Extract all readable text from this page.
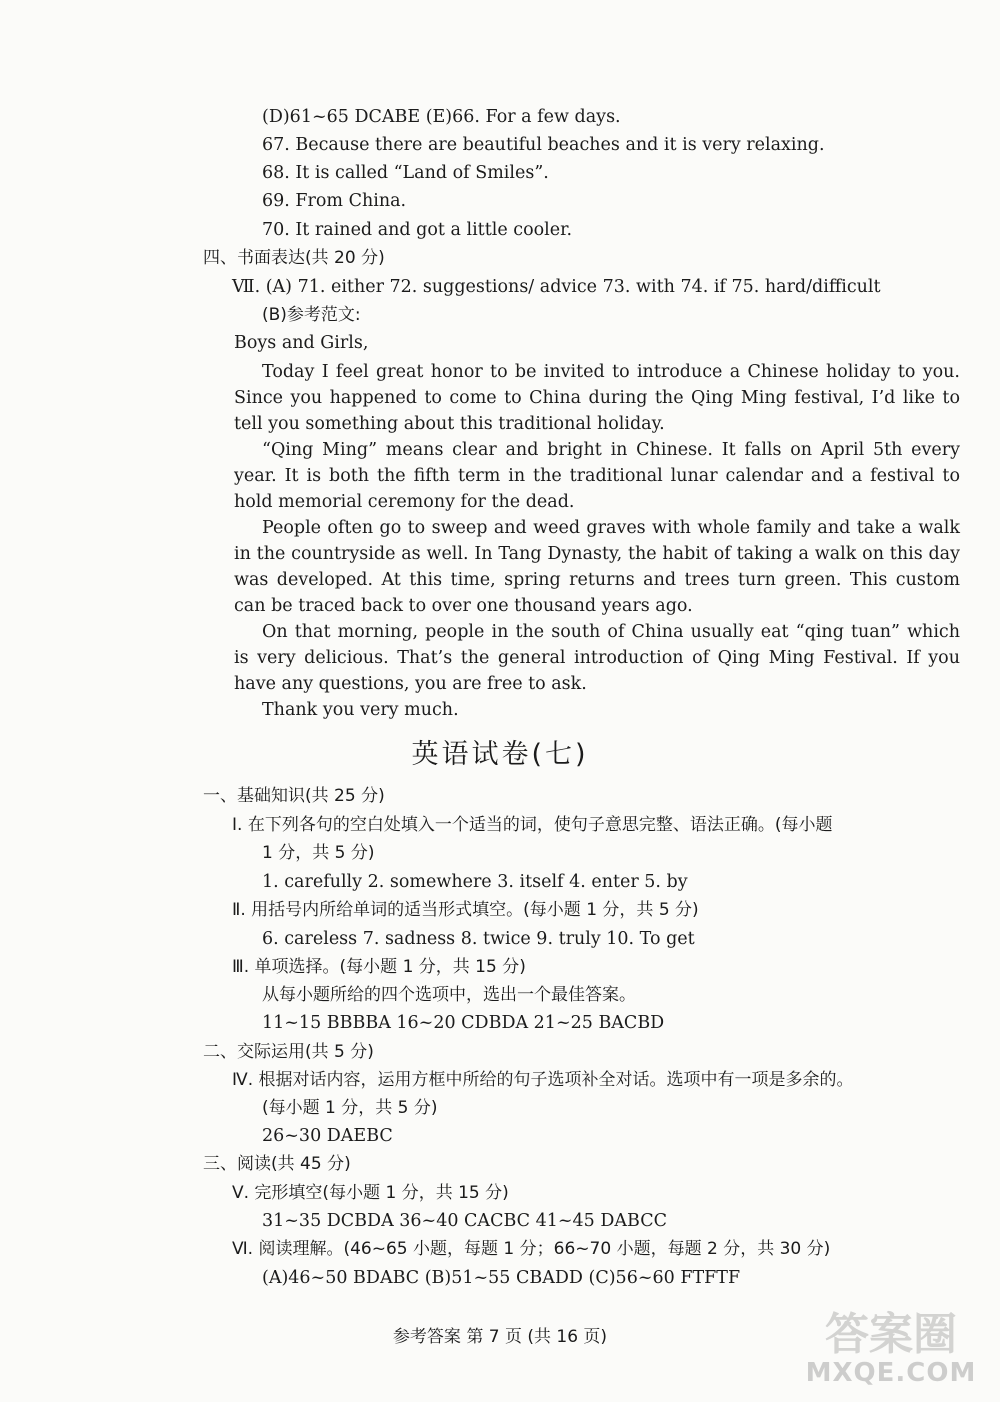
(D)61~65 DCABE (E)66. For a few days.
67. Because there are beautiful beaches and it is very relaxing.
68. It is called “Land of Smiles”.
69. From China.
70. It rained and got a little cooler.
四、书面表达(共 20 分)
Ⅶ. (A) 71. either 72. suggestions/ advice 73. with 74. if 75. hard/difficult
(B)参考范文:
Boys and Girls,
Today I feel great honor to be invited to introduce a Chinese holiday to you. Since you happened to come to China during the Qing Ming festival, I’d like to tell you something about this traditional holiday.
“Qing Ming” means clear and bright in Chinese. It falls on April 5th every year. It is both the fifth term in the traditional lunar calendar and a festival to hold memorial ceremony for the dead.
People often go to sweep and weed graves with whole family and take a walk in the countryside as well. In Tang Dynasty, the habit of taking a walk on this day was developed. At this time, spring returns and trees turn green. This custom can be traced back to over one thousand years ago.
On that morning, people in the south of China usually eat “qing tuan” which is very delicious. That’s the general introduction of Qing Ming Festival. If you have any questions, you are free to ask.
Thank you very much.
英语试卷(七)
一、基础知识(共 25 分)
Ⅰ. 在下列各句的空白处填入一个适当的词，使句子意思完整、语法正确。(每小题
1 分，共 5 分)
1. carefully 2. somewhere 3. itself 4. enter 5. by
Ⅱ. 用括号内所给单词的适当形式填空。(每小题 1 分，共 5 分)
6. careless 7. sadness 8. twice 9. truly 10. To get
Ⅲ. 单项选择。(每小题 1 分，共 15 分)
从每小题所给的四个选项中，选出一个最佳答案。
11~15 BBBBA 16~20 CDBDA 21~25 BACBD
二、交际运用(共 5 分)
Ⅳ. 根据对话内容，运用方框中所给的句子选项补全对话。选项中有一项是多余的。
(每小题 1 分，共 5 分)
26~30 DAEBC
三、阅读(共 45 分)
Ⅴ. 完形填空(每小题 1 分，共 15 分)
31~35 DCBDA 36~40 CACBC 41~45 DABCC
Ⅵ. 阅读理解。(46~65 小题，每题 1 分；66~70 小题，每题 2 分，共 30 分)
(A)46~50 BDABC (B)51~55 CBADD (C)56~60 FTFTF
参考答案 第 7 页 (共 16 页)	答案圈
MXQE.COM
